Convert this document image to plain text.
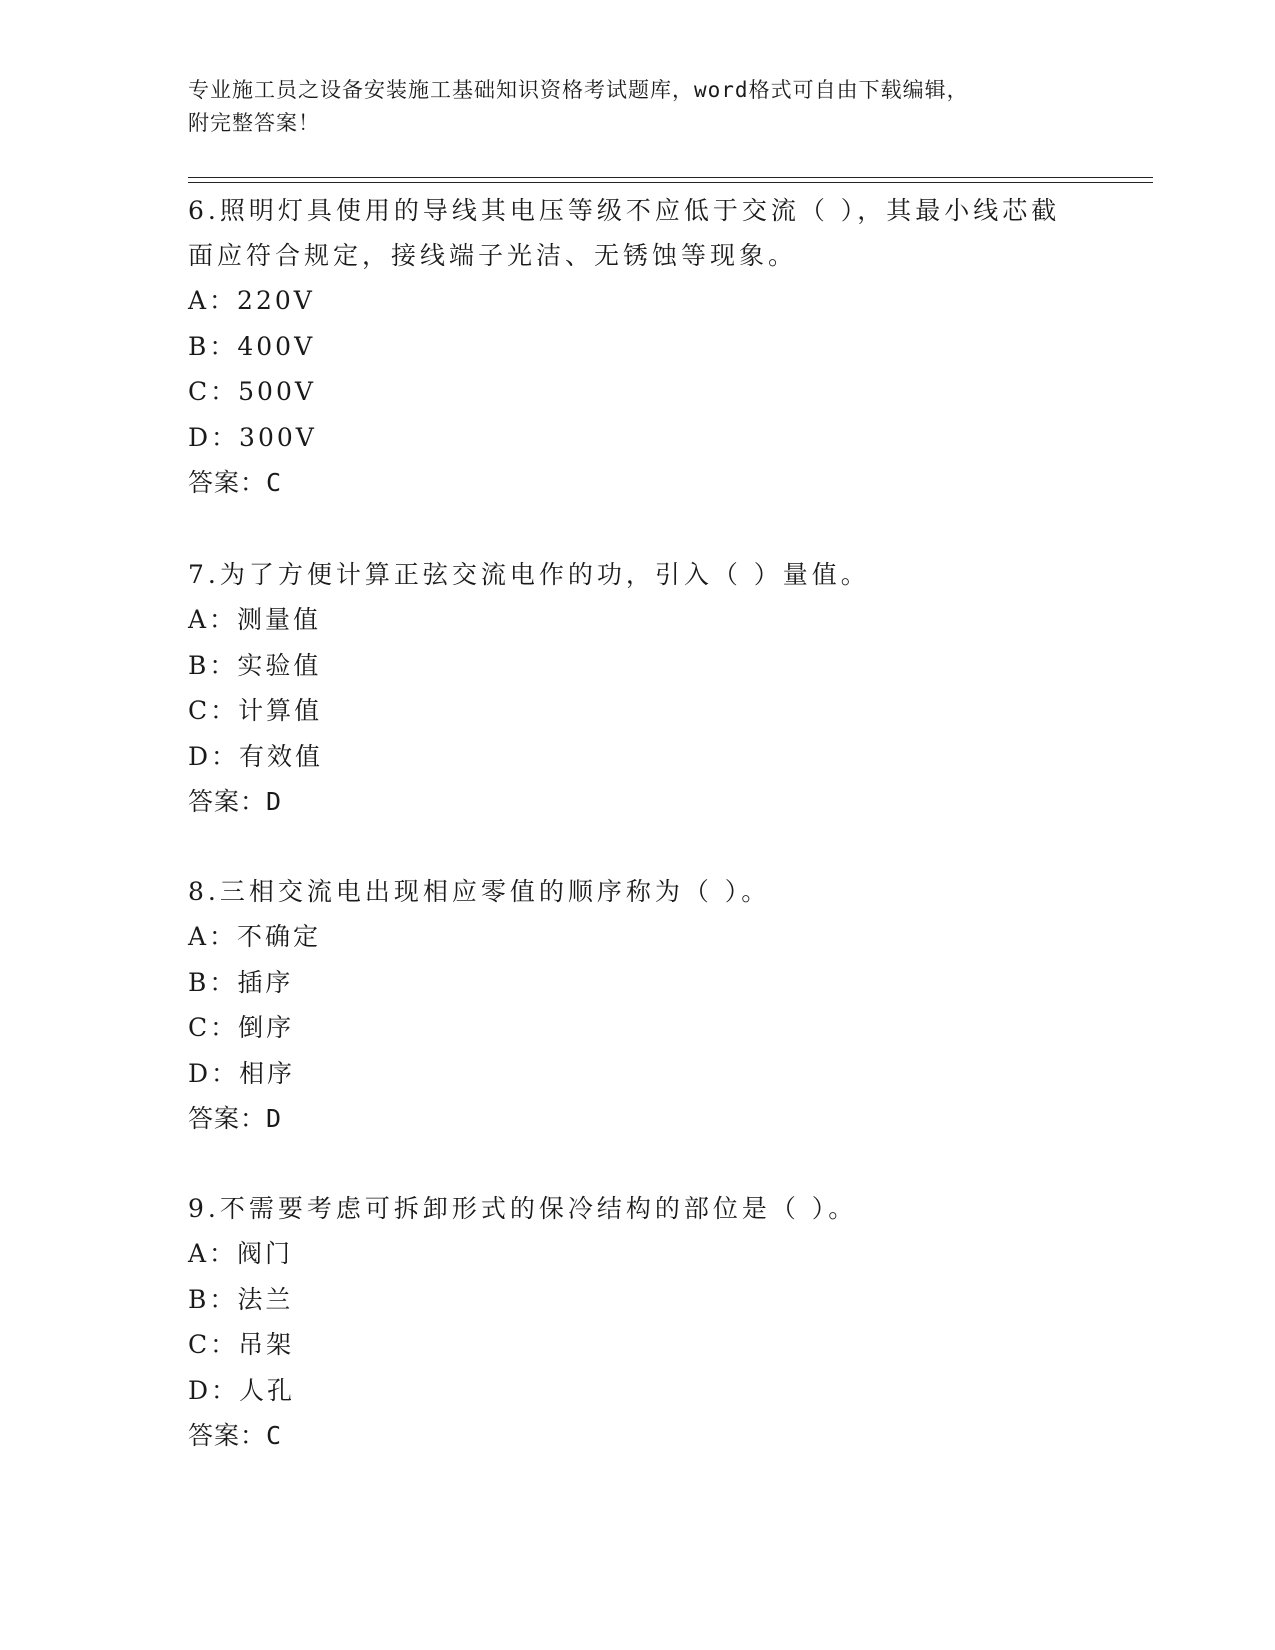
专业施工员之设备安装施工基础知识资格考试题库，word格式可自由下载编辑，
附完整答案！
6.照明灯具使用的导线其电压等级不应低于交流（ ），其最小线芯截
面应符合规定，接线端子光洁、无锈蚀等现象。
A：220V
B：400V
C：500V
D：300V
答案：C
7.为了方便计算正弦交流电作的功，引入（ ）量值。
A：测量值
B：实验值
C：计算值
D：有效值
答案：D
8.三相交流电出现相应零值的顺序称为（ ）。
A：不确定
B：插序
C：倒序
D：相序
答案：D
9.不需要考虑可拆卸形式的保冷结构的部位是（ ）。
A：阀门
B：法兰
C：吊架
D：人孔
答案：C
